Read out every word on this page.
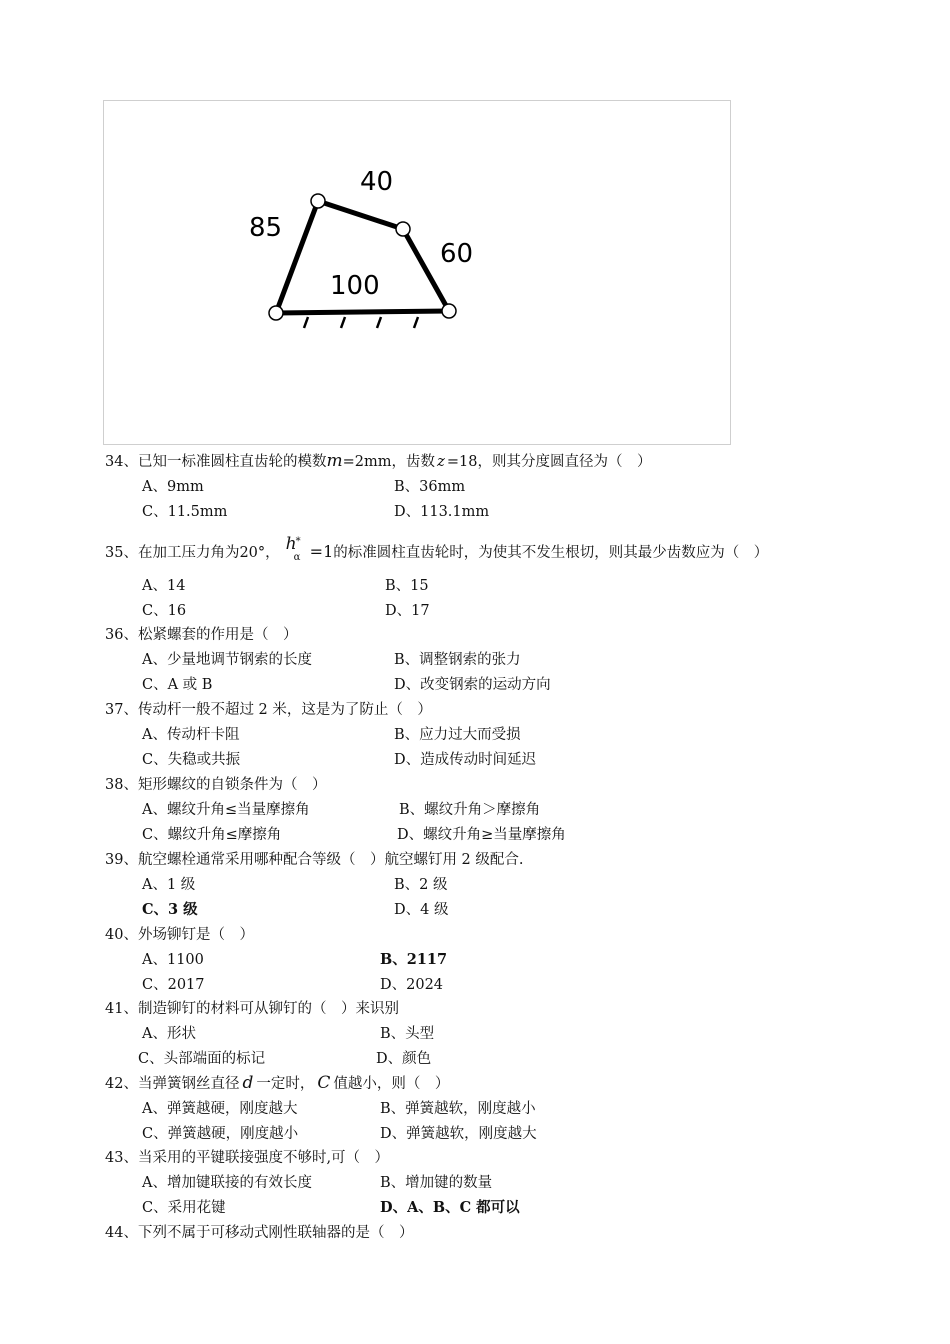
40
85
60
100
34、已知一标准圆柱直齿轮的模数m=2mm，齿数 z =18，则其分度圆直径为（　）
A、9mm	B、36mm
C、11.5mm	D、113.1mm
35、在加工压力角为20°， h *
α =1的标准圆柱直齿轮时，为使其不发生根切，则其最少齿数应为（　）
A、14	B、15
C、16	D、17
36、松紧螺套的作用是（　）
A、少量地调节钢索的长度	B、调整钢索的张力
C、A 或 B	D、改变钢索的运动方向
37、传动杆一般不超过 2 米，这是为了防止（　）
A、传动杆卡阻	B、应力过大而受损
C、失稳或共振	D、造成传动时间延迟
38、矩形螺纹的自锁条件为（　）
A、螺纹升角≤当量摩擦角	B、螺纹升角＞摩擦角
C、螺纹升角≤摩擦角	D、螺纹升角≥当量摩擦角
39、航空螺栓通常采用哪种配合等级（　）航空螺钉用 2 级配合.
A、1 级	B、2 级
C、3 级	D、4 级
40、外场铆钉是（　）
A、1100	B、2117
C、2017	D、2024
41、制造铆钉的材料可从铆钉的（　）来识别
A、形状	B、头型
C、头部端面的标记	D、颜色
42、当弹簧钢丝直径 d 一定时， C 值越小，则（　）
A、弹簧越硬，刚度越大	B、弹簧越软，刚度越小
C、弹簧越硬，刚度越小	D、弹簧越软，刚度越大
43、当采用的平键联接强度不够时,可（　）
A、增加键联接的有效长度	B、增加键的数量
C、采用花键	D、A、B、C 都可以
44、下列不属于可移动式刚性联轴器的是（　）
